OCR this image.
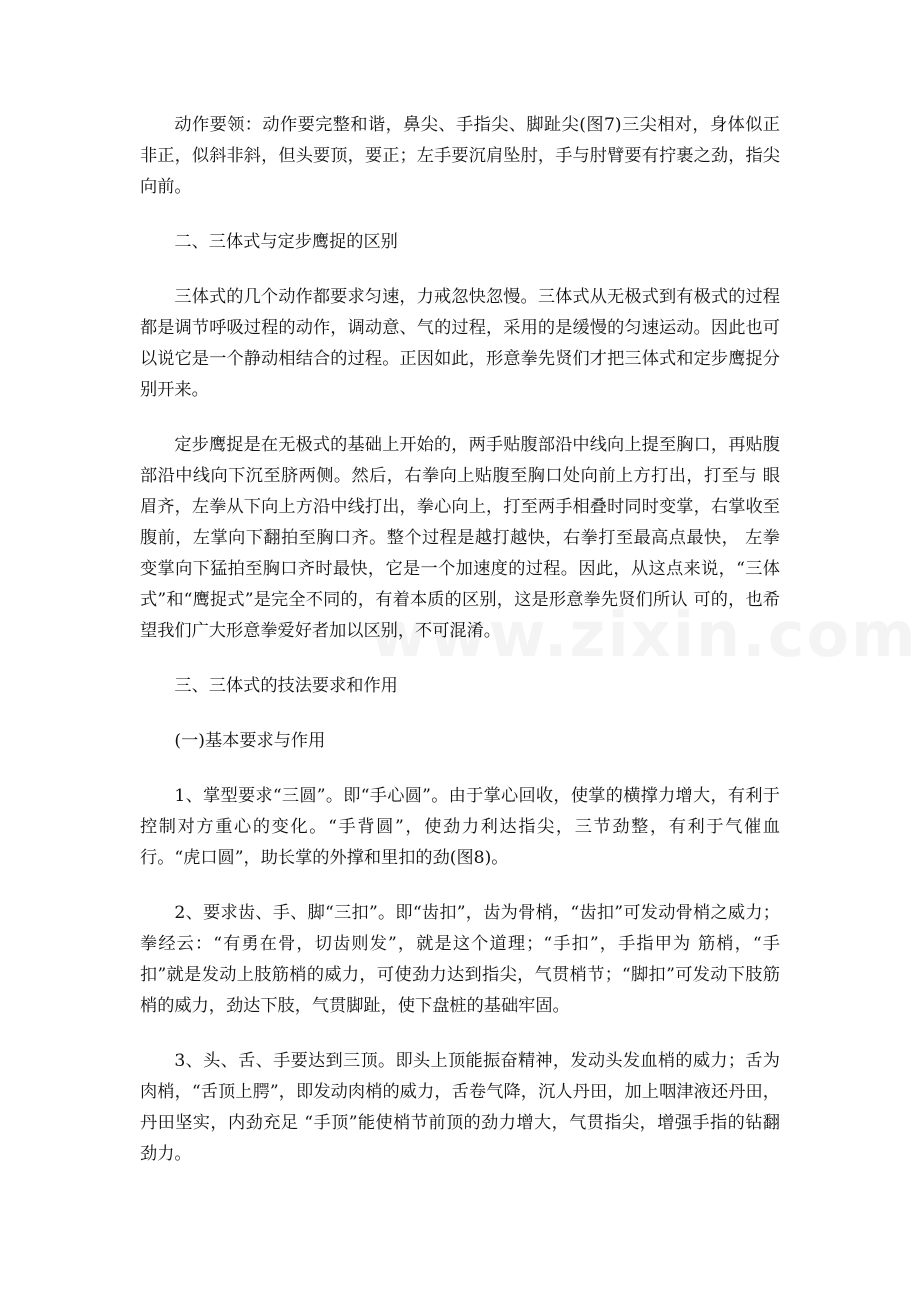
动作要领：动作要完整和谐，鼻尖、手指尖、脚趾尖(图7)三尖相对，身体似正非正，似斜非斜，但头要顶，要正；左手要沉肩坠肘，手与肘臂要有拧裹之劲，指尖向前。

二、三体式与定步鹰捉的区别

三体式的几个动作都要求匀速，力戒忽快忽慢。三体式从无极式到有极式的过程都是调节呼吸过程的动作，调动意、气的过程，采用的是缓慢的匀速运动。因此也可以说它是一个静动相结合的过程。正因如此，形意拳先贤们才把三体式和定步鹰捉分别开来。

定步鹰捉是在无极式的基础上开始的，两手贴腹部沿中线向上提至胸口，再贴腹部沿中线向下沉至脐两侧。然后，右拳向上贴腹至胸口处向前上方打出，打至与 眼眉齐，左拳从下向上方沿中线打出，拳心向上，打至两手相叠时同时变掌，右掌收至腹前，左掌向下翻拍至胸口齐。整个过程是越打越快，右拳打至最高点最快， 左拳变掌向下猛拍至胸口齐时最快，它是一个加速度的过程。因此，从这点来说，“三体式”和“鹰捉式”是完全不同的，有着本质的区别，这是形意拳先贤们所认 可的，也希望我们广大形意拳爱好者加以区别，不可混淆。

三、三体式的技法要求和作用

(一)基本要求与作用

1、掌型要求“三圆”。即“手心圆”。由于掌心回收，使掌的横撑力增大，有利于控制对方重心的变化。“手背圆”，使劲力利达指尖，三节劲整，有利于气催血行。“虎口圆”，助长掌的外撑和里扣的劲(图8)。

2、要求齿、手、脚“三扣”。即“齿扣”，齿为骨梢，“齿扣”可发动骨梢之威力；拳经云：“有勇在骨，切齿则发”，就是这个道理；“手扣”，手指甲为 筋梢，“手扣”就是发动上肢筋梢的威力，可使劲力达到指尖，气贯梢节；“脚扣”可发动下肢筋梢的威力，劲达下肢，气贯脚趾，使下盘桩的基础牢固。

3、头、舌、手要达到三顶。即头上顶能振奋精神，发动头发血梢的威力；舌为肉梢，“舌顶上腭”，即发动肉梢的威力，舌卷气降，沉人丹田，加上咽津液还丹田，丹田坚实，内劲充足 “手顶”能使梢节前顶的劲力增大，气贯指尖，增强手指的钻翻劲力。
